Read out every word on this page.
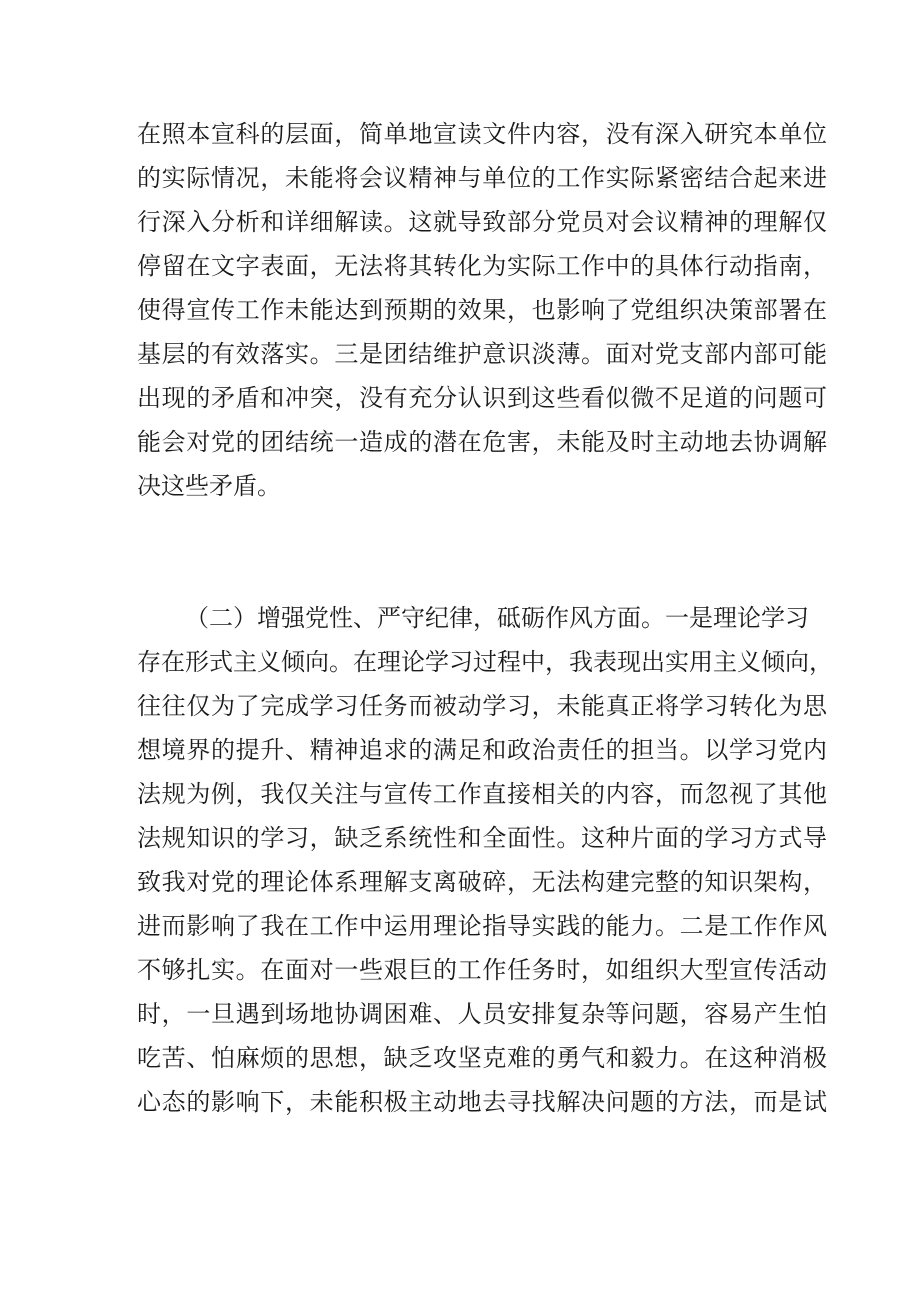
在照本宣科的层面，简单地宣读文件内容，没有深入研究本单位
的实际情况，未能将会议精神与单位的工作实际紧密结合起来进
行深入分析和详细解读。这就导致部分党员对会议精神的理解仅
停留在文字表面，无法将其转化为实际工作中的具体行动指南，
使得宣传工作未能达到预期的效果，也影响了党组织决策部署在
基层的有效落实。三是团结维护意识淡薄。面对党支部内部可能
出现的矛盾和冲突，没有充分认识到这些看似微不足道的问题可
能会对党的团结统一造成的潜在危害，未能及时主动地去协调解
决这些矛盾。
（二）增强党性、严守纪律，砥砺作风方面。一是理论学习
存在形式主义倾向。在理论学习过程中，我表现出实用主义倾向，
往往仅为了完成学习任务而被动学习，未能真正将学习转化为思
想境界的提升、精神追求的满足和政治责任的担当。以学习党内
法规为例，我仅关注与宣传工作直接相关的内容，而忽视了其他
法规知识的学习，缺乏系统性和全面性。这种片面的学习方式导
致我对党的理论体系理解支离破碎，无法构建完整的知识架构，
进而影响了我在工作中运用理论指导实践的能力。二是工作作风
不够扎实。在面对一些艰巨的工作任务时，如组织大型宣传活动
时，一旦遇到场地协调困难、人员安排复杂等问题，容易产生怕
吃苦、怕麻烦的思想，缺乏攻坚克难的勇气和毅力。在这种消极
心态的影响下，未能积极主动地去寻找解决问题的方法，而是试
